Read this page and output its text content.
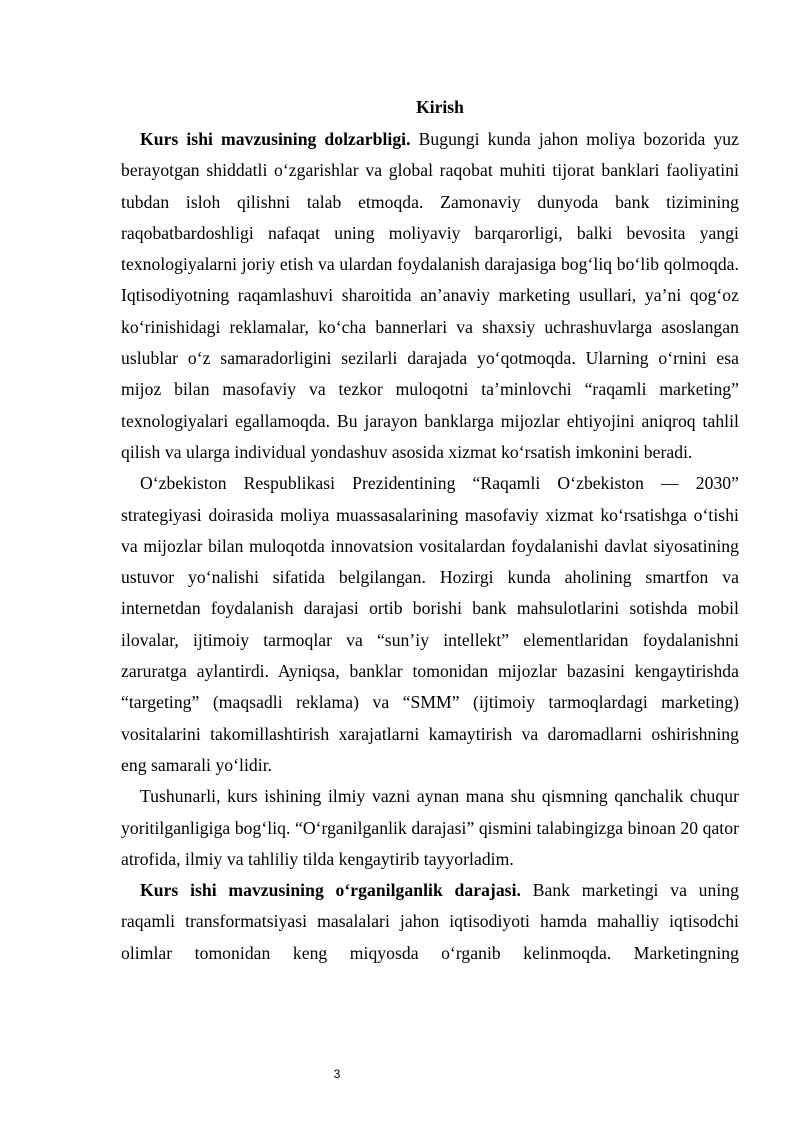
Kirish

Kurs ishi mavzusining dolzarbligi. Bugungi kunda jahon moliya bozorida yuz berayotgan shiddatli oʻzgarishlar va global raqobat muhiti tijorat banklari faoliyatini tubdan isloh qilishni talab etmoqda. Zamonaviy dunyoda bank tizimining raqobatbardoshligi nafaqat uning moliyaviy barqarorligi, balki bevosita yangi texnologiyalarni joriy etish va ulardan foydalanish darajasiga bogʻliq boʻlib qolmoqda. Iqtisodiyotning raqamlashuvi sharoitida anʼanaviy marketing usullari, yaʼni qogʻoz koʻrinishidagi reklamalar, koʻcha bannerlari va shaxsiy uchrashuvlarga asoslangan uslublar oʻz samaradorligini sezilarli darajada yoʻqotmoqda. Ularning oʻrnini esa mijoz bilan masofaviy va tezkor muloqotni taʼminlovchi “raqamli marketing” texnologiyalari egallamoqda. Bu jarayon banklarga mijozlar ehtiyojini aniqroq tahlil qilish va ularga individual yondashuv asosida xizmat koʻrsatish imkonini beradi.

Oʻzbekiston Respublikasi Prezidentining “Raqamli Oʻzbekiston — 2030” strategiyasi doirasida moliya muassasalarining masofaviy xizmat koʻrsatishga oʻtishi va mijozlar bilan muloqotda innovatsion vositalardan foydalanishi davlat siyosatining ustuvor yoʻnalishi sifatida belgilangan. Hozirgi kunda aholining smartfon va internetdan foydalanish darajasi ortib borishi bank mahsulotlarini sotishda mobil ilovalar, ijtimoiy tarmoqlar va “sunʼiy intellekt” elementlaridan foydalanishni zaruratga aylantirdi. Ayniqsa, banklar tomonidan mijozlar bazasini kengaytirishda “targeting” (maqsadli reklama) va “SMM” (ijtimoiy tarmoqlardagi marketing) vositalarini takomillashtirish xarajatlarni kamaytirish va daromadlarni oshirishning eng samarali yoʻlidir.

Tushunarli, kurs ishining ilmiy vazni aynan mana shu qismning qanchalik chuqur yoritilganligiga bogʻliq. “Oʻrganilganlik darajasi” qismini talabingizga binoan 20 qator atrofida, ilmiy va tahliliy tilda kengaytirib tayyorladim.

Kurs ishi mavzusining oʻrganilganlik darajasi. Bank marketingi va uning raqamli transformatsiyasi masalalari jahon iqtisodiyoti hamda mahalliy iqtisodchi olimlar tomonidan keng miqyosda oʻrganib kelinmoqda. Marketingning

3
